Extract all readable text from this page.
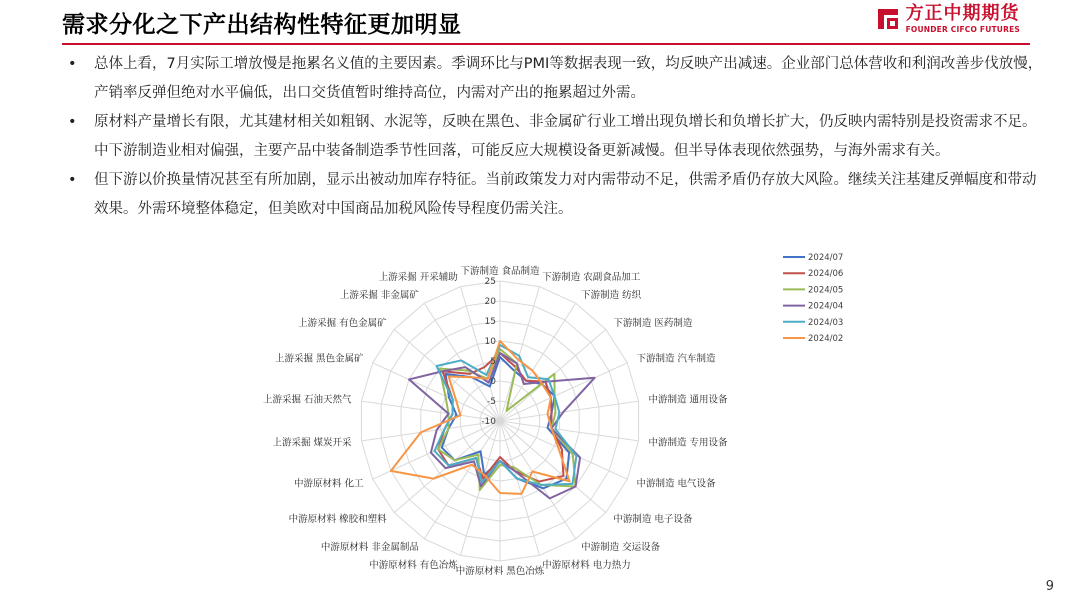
需求分化之下产出结构性特征更加明显	方正中期期货
FOUNDER CIFCO FUTURES
• 总体上看，7月实际工增放慢是拖累名义值的主要因素。季调环比与PMI等数据表现一致，均反映产出减速。企业部门总体营收和利润改善步伐放慢，产销率反弹但绝对水平偏低，出口交货值暂时维持高位，内需对产出的拖累超过外需。
• 原材料产量增长有限，尤其建材相关如粗钢、水泥等，反映在黑色、非金属矿行业工增出现负增长和负增长扩大，仍反映内需特别是投资需求不足。中下游制造业相对偏强，主要产品中装备制造季节性回落，可能反应大规模设备更新减慢。但半导体表现依然强势，与海外需求有关。
• 但下游以价换量情况甚至有所加剧，显示出被动加库存特征。当前政策发力对内需带动不足，供需矛盾仍存放大风险。继续关注基建反弹幅度和带动效果。外需环境整体稳定，但美欧对中国商品加税风险传导程度仍需关注。
-10
-5
0
5
10
15
20
25
下游制造 食品制造
下游制造 农副食品加工
下游制造 纺织
下游制造 医药制造
下游制造 汽车制造
中游制造 通用设备
中游制造 专用设备
中游制造 电气设备
中游制造 电子设备
中游制造 交运设备
中游原材料 电力热力
中游原材料 黑色冶炼
中游原材料 有色冶炼
中游原材料 非金属制品
中游原材料 橡胶和塑料
中游原材料 化工
上游采掘 煤炭开采
上游采掘 石油天然气
上游采掘 黑色金属矿
上游采掘 有色金属矿
上游采掘 非金属矿
上游采掘 开采辅助
2024/07
2024/06
2024/05
2024/04
2024/03
2024/02
9
